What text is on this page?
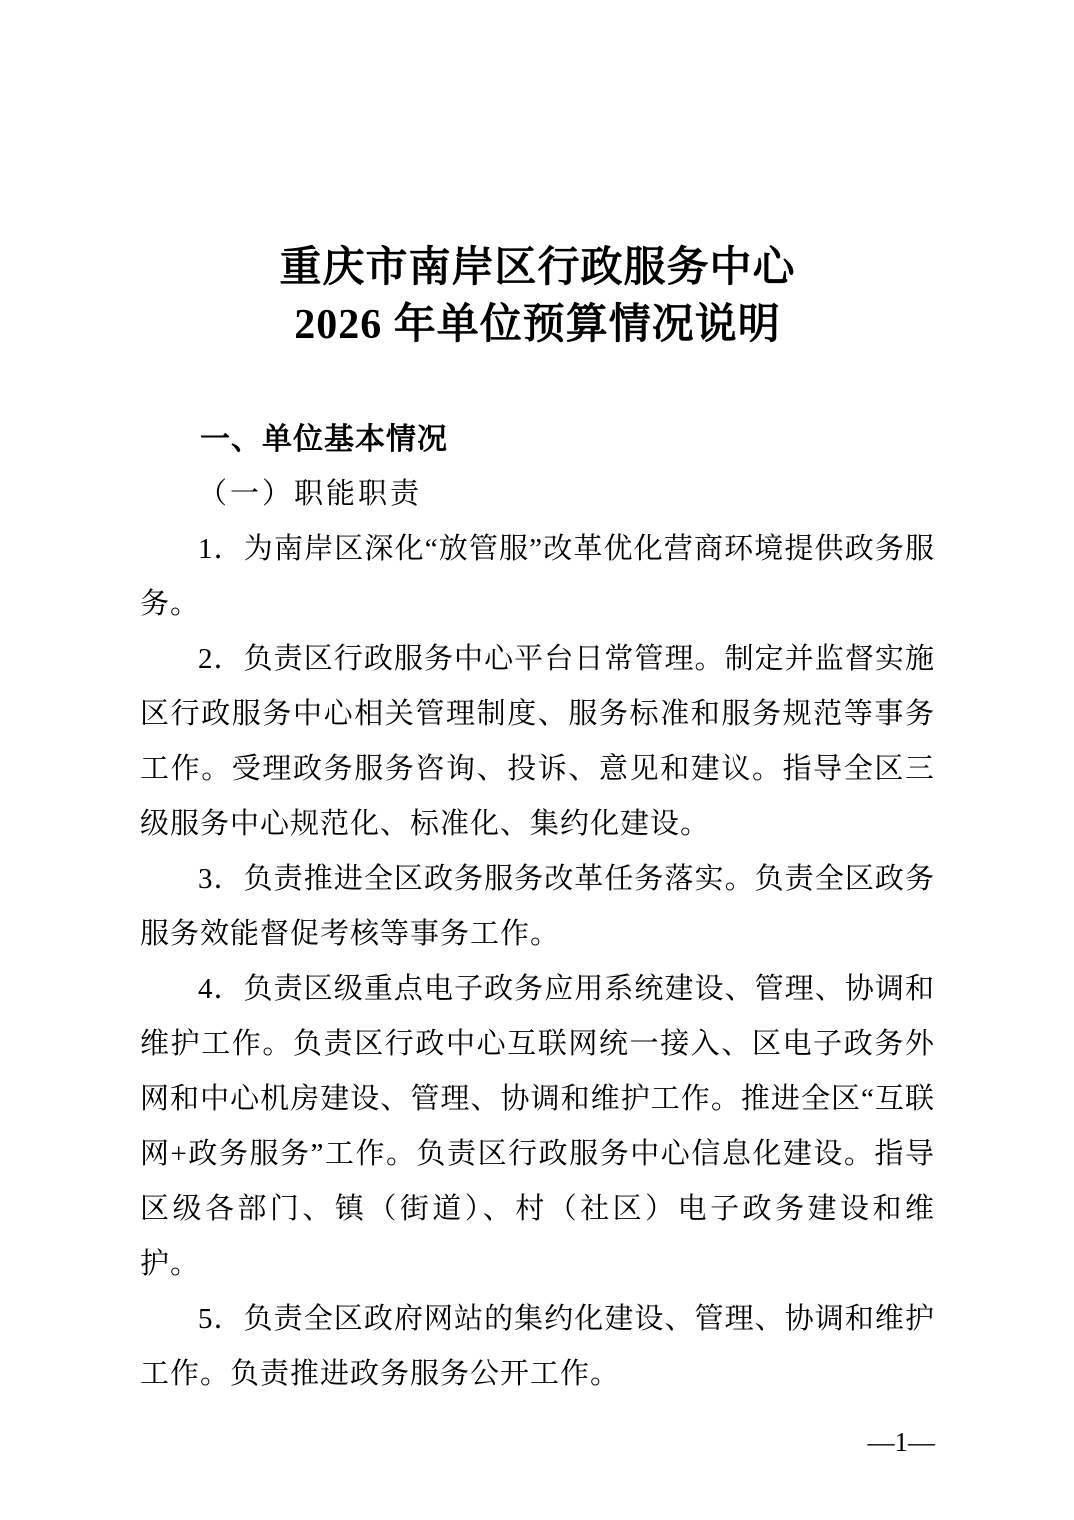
重庆市南岸区行政服务中心
2026 年单位预算情况说明
一、单位基本情况
（一）职能职责

1．为南岸区深化“放管服”改革优化营商环境提供政务服务。

2．负责区行政服务中心平台日常管理。制定并监督实施区行政服务中心相关管理制度、服务标准和服务规范等事务工作。受理政务服务咨询、投诉、意见和建议。指导全区三级服务中心规范化、标准化、集约化建设。

3．负责推进全区政务服务改革任务落实。负责全区政务服务效能督促考核等事务工作。

4．负责区级重点电子政务应用系统建设、管理、协调和维护工作。负责区行政中心互联网统一接入、区电子政务外网和中心机房建设、管理、协调和维护工作。推进全区“互联网+政务服务”工作。负责区行政服务中心信息化建设。指导区级各部门、镇（街道）、村（社区）电子政务建设和维护。

5．负责全区政府网站的集约化建设、管理、协调和维护工作。负责推进政务服务公开工作。

—1—
